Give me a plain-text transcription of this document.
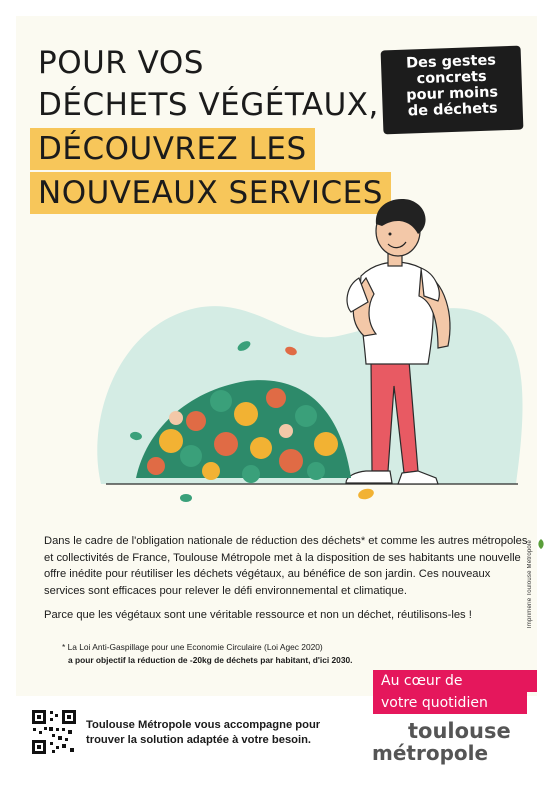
POUR VOS
DÉCHETS VÉGÉTAUX,
DÉCOUVREZ LES
NOUVEAUX SERVICES
Des gestes
concrets
pour moins
de déchets

Dans le cadre de l'obligation nationale de réduction des déchets* et comme les autres métropoles et collectivités de France, Toulouse Métropole met à la disposition de ses habitants une nouvelle offre inédite pour réutiliser les déchets végétaux, au bénéfice de son jardin. Ces nouveaux services sont efficaces pour relever le défi environnemental et climatique.

Parce que les végétaux sont une véritable ressource et non un déchet, réutilisons-les !

* La Loi Anti-Gaspillage pour une Economie Circulaire (Loi Agec 2020)
a pour objectif la réduction de -20kg de déchets par habitant, d'ici 2030.
Imprimerie Toulouse Métropole
Au cœur de
votre quotidien
Toulouse Métropole vous accompagne pour trouver la solution adaptée à votre besoin.	toulouse
métropole
